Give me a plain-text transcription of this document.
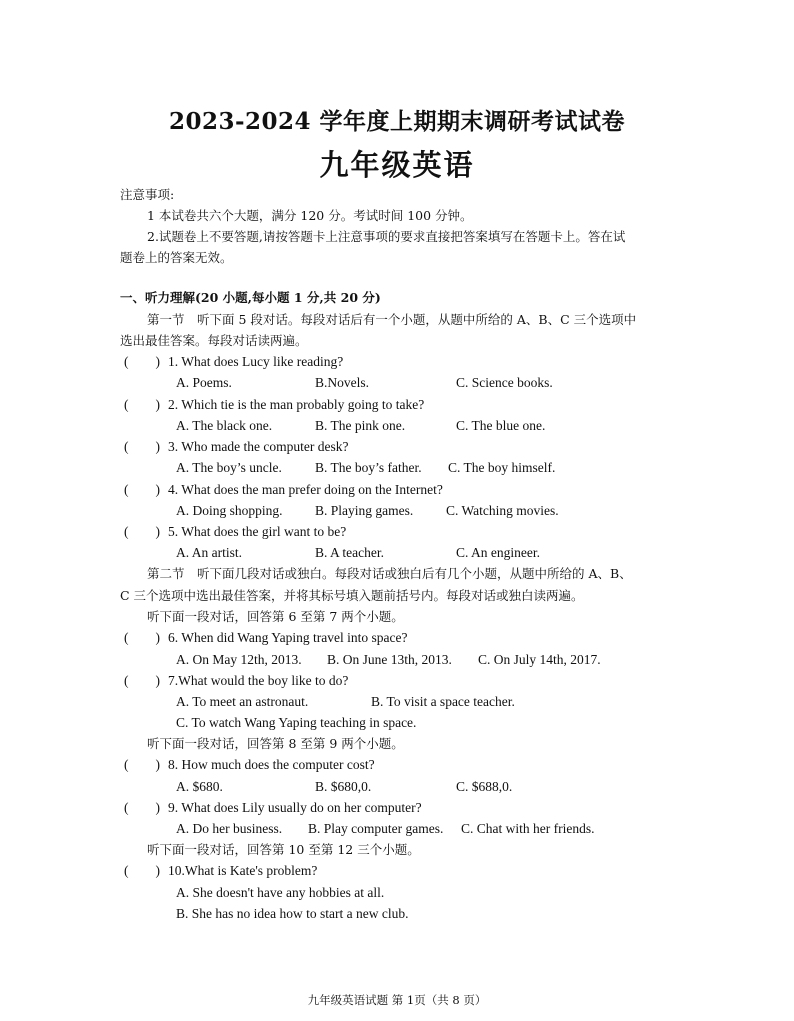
2023-2024 学年度上期期末调研考试试卷
九年级英语
注意事项:
1 本试卷共六个大题，满分 120 分。考试时间 100 分钟。
2.试题卷上不要答题,请按答题卡上注意事项的要求直接把答案填写在答题卡上。答在试
题卷上的答案无效。
一、听力理解(20 小题,每小题 1 分,共 20 分)
第一节　听下面 5 段对话。每段对话后有一个小题，从题中所给的 A、B、C 三个选项中
选出最佳答案。每段对话读两遍。
(　　) 1. What does Lucy like reading?
A. Poems.	B.Novels.	C. Science books.
(　　) 2. Which tie is the man probably going to take?
A. The black one.	B. The pink one.	C. The blue one.
(　　) 3. Who made the computer desk?
A. The boy’s uncle. B. The boy’s father. C. The boy himself.
(　　) 4. What does the man prefer doing on the Internet?
A. Doing shopping. B. Playing games. C. Watching movies.
(　　) 5. What does the girl want to be?
A. An artist.	B. A teacher.	C. An engineer.
第二节　听下面几段对话或独白。每段对话或独白后有几个小题，从题中所给的 A、B、
C 三个选项中选出最佳答案，并将其标号填入题前括号内。每段对话或独白读两遍。
听下面一段对话，回答第 6 至第 7 两个小题。
(　　) 6. When did Wang Yaping travel into space?
A. On May 12th, 2013. B. On June 13th, 2013. C. On July 14th, 2017.
(　　) 7.What would the boy like to do?
A. To meet an astronaut.	B. To visit a space teacher.
C. To watch Wang Yaping teaching in space.
听下面一段对话，回答第 8 至第 9 两个小题。
(　　) 8. How much does the computer cost?
A. $680.	B. $680,0.	C. $688,0.
(　　) 9. What does Lily usually do on her computer?
A. Do her business. B. Play computer games. C. Chat with her friends.
听下面一段对话，回答第 10 至第 12 三个小题。
(　　) 10.What is Kate's problem?
A. She doesn't have any hobbies at all.
B. She has no idea how to start a new club.
九年级英语试题 第 1页（共 8 页）
